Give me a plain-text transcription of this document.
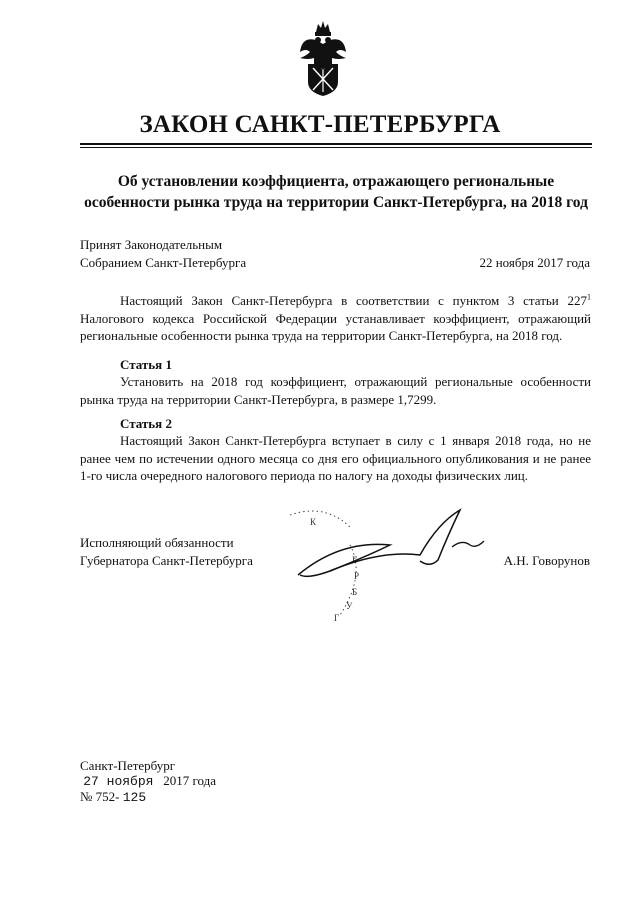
ЗАКОН САНКТ-ПЕТЕРБУРГА
Об установлении коэффициента, отражающего региональные
особенности рынка труда на территории Санкт-Петербурга, на 2018 год
Принят Законодательным
Собранием Санкт-Петербурга	22 ноября 2017 года
Настоящий Закон Санкт-Петербурга в соответствии с пунктом 3 статьи $227^1$ Налогового кодекса Российской Федерации устанавливает коэффициент, отражающий региональные особенности рынка труда на территории Санкт-Петербурга, на 2018 год.
Статья 1
Установить на 2018 год коэффициент, отражающий региональные особенности рынка труда на территории Санкт-Петербурга, в размере 1,7299.
Статья 2
Настоящий Закон Санкт-Петербурга вступает в силу с 1 января 2018 года, но не ранее чем по истечении одного месяца со дня его официального опубликования и не ранее 1-го числа очередного налогового периода по налогу на доходы физических лиц.
Исполняющий обязанности
Губернатора Санкт-Петербурга
К
Г
Р
Б
У
Г
А.Н. Говорунов
Санкт-Петербург
27 ноября 2017 года
№ 752- 125
